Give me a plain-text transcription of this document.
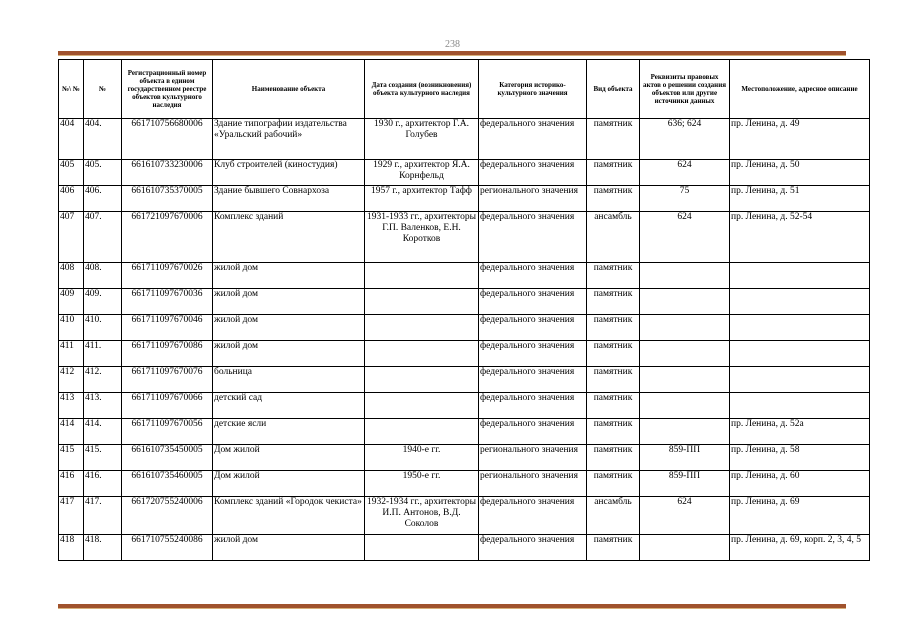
238
№\ №	№	Регистрационный номер объекта в едином государственном реестре объектов культурного наследия	Наименование объекта	Дата создания (возникновения) объекта культурного наследия	Категория историко-культурного значения	Вид объекта	Реквизиты правовых актов о решении создания объектов или другие источники данных	Местоположение, адресное описание
404	404.	661710756680006	Здание типографии издательства «Уральский рабочий»	1930 г., архитектор Г.А. Голубев	федерального значения	памятник	636; 624	пр. Ленина, д. 49
405	405.	661610733230006	Клуб строителей (киностудия)	1929 г., архитектор Я.А. Корнфельд	федерального значения	памятник	624	пр. Ленина, д. 50
406	406.	661610735370005	Здание бывшего Совнархоза	1957 г., архитектор Тафф	регионального значения	памятник	75	пр. Ленина, д. 51
407	407.	661721097670006	Комплекс зданий	1931-1933 гг., архитекторы Г.П. Валенков, Е.Н. Коротков	федерального значения	ансамбль	624	пр. Ленина, д. 52-54
408	408.	661711097670026	жилой дом		федерального значения	памятник		
409	409.	661711097670036	жилой дом		федерального значения	памятник		
410	410.	661711097670046	жилой дом		федерального значения	памятник		
411	411.	661711097670086	жилой дом		федерального значения	памятник		
412	412.	661711097670076	больница		федерального значения	памятник		
413	413.	661711097670066	детский сад		федерального значения	памятник		
414	414.	661711097670056	детские ясли		федерального значения	памятник		пр. Ленина, д. 52а
415	415.	661610735450005	Дом жилой	1940-е гг.	регионального значения	памятник	859-ПП	пр. Ленина, д. 58
416	416.	661610735460005	Дом жилой	1950-е гг.	регионального значения	памятник	859-ПП	пр. Ленина, д. 60
417	417.	661720755240006	Комплекс зданий «Городок чекиста»	1932-1934 гг., архитекторы И.П. Антонов, В.Д. Соколов	федерального значения	ансамбль	624	пр. Ленина, д. 69
418	418.	661710755240086	жилой дом		федерального значения	памятник		пр. Ленина, д. 69, корп. 2, 3, 4, 5
